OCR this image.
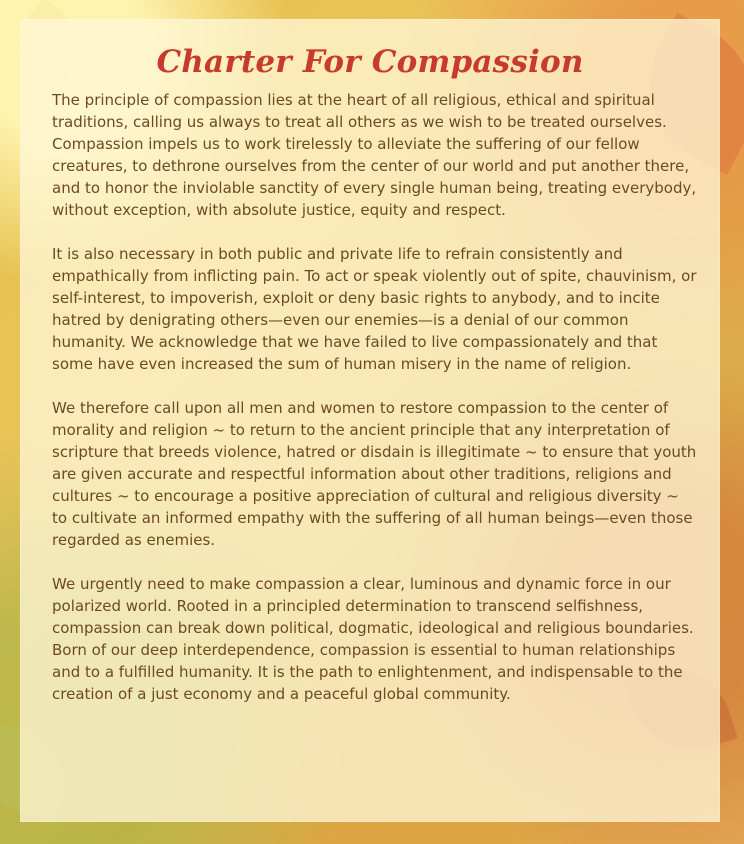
Charter For Compassion

The principle of compassion lies at the heart of all religious, ethical and spiritual traditions, calling us always to treat all others as we wish to be treated ourselves. Compassion impels us to work tirelessly to alleviate the suffering of our fellow creatures, to dethrone ourselves from the center of our world and put another there, and to honor the inviolable sanctity of every single human being, treating everybody, without exception, with absolute justice, equity and respect.

It is also necessary in both public and private life to refrain consistently and empathically from inflicting pain. To act or speak violently out of spite, chauvinism, or self-interest, to impoverish, exploit or deny basic rights to anybody, and to incite hatred by denigrating others—even our enemies—is a denial of our common humanity. We acknowledge that we have failed to live compassionately and that some have even increased the sum of human misery in the name of religion.

We therefore call upon all men and women to restore compassion to the center of morality and religion ~ to return to the ancient principle that any interpretation of scripture that breeds violence, hatred or disdain is illegitimate ~ to ensure that youth are given accurate and respectful information about other traditions, religions and cultures ~ to encourage a positive appreciation of cultural and religious diversity ~ to cultivate an informed empathy with the suffering of all human beings—even those regarded as enemies.

We urgently need to make compassion a clear, luminous and dynamic force in our polarized world. Rooted in a principled determination to transcend selfishness, compassion can break down political, dogmatic, ideological and religious boundaries. Born of our deep interdependence, compassion is essential to human relationships and to a fulfilled humanity. It is the path to enlightenment, and indispensable to the creation of a just economy and a peaceful global community.
